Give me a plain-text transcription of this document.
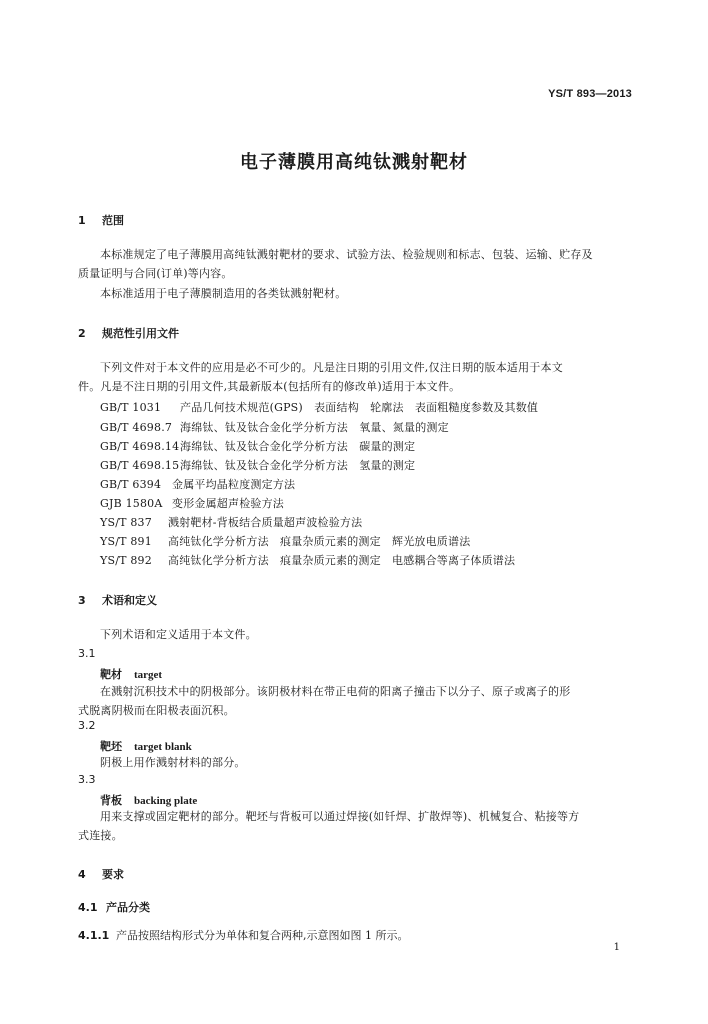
YS/T 893—2013
电子薄膜用高纯钛溅射靶材
1 范围
本标准规定了电子薄膜用高纯钛溅射靶材的要求、试验方法、检验规则和标志、包装、运输、贮存及
质量证明与合同(订单)等内容。
本标准适用于电子薄膜制造用的各类钛溅射靶材。
2 规范性引用文件
下列文件对于本文件的应用是必不可少的。凡是注日期的引用文件,仅注日期的版本适用于本文
件。凡是不注日期的引用文件,其最新版本(包括所有的修改单)适用于本文件。
GB/T 1031 产品几何技术规范(GPS)　表面结构　轮廓法　表面粗糙度参数及其数值
GB/T 4698.7 海绵钛、钛及钛合金化学分析方法　氧量、氮量的测定
GB/T 4698.14海绵钛、钛及钛合金化学分析方法　碳量的测定
GB/T 4698.15海绵钛、钛及钛合金化学分析方法　氢量的测定
GB/T 6394 金属平均晶粒度测定方法
GJB 1580A 变形金属超声检验方法
YS/T 837 溅射靶材-背板结合质量超声波检验方法
YS/T 891 高纯钛化学分析方法　痕量杂质元素的测定　辉光放电质谱法
YS/T 892 高纯钛化学分析方法　痕量杂质元素的测定　电感耦合等离子体质谱法
3 术语和定义
下列术语和定义适用于本文件。
3.1
靶材 target
在溅射沉积技术中的阴极部分。该阴极材料在带正电荷的阳离子撞击下以分子、原子或离子的形
式脱离阴极而在阳极表面沉积。
3.2
靶坯 target blank
阴极上用作溅射材料的部分。
3.3
背板 backing plate
用来支撑或固定靶材的部分。靶坯与背板可以通过焊接(如钎焊、扩散焊等)、机械复合、粘接等方
式连接。
4 要求
4.1 产品分类
4.1.1 产品按照结构形式分为单体和复合两种,示意图如图 1 所示。
1
